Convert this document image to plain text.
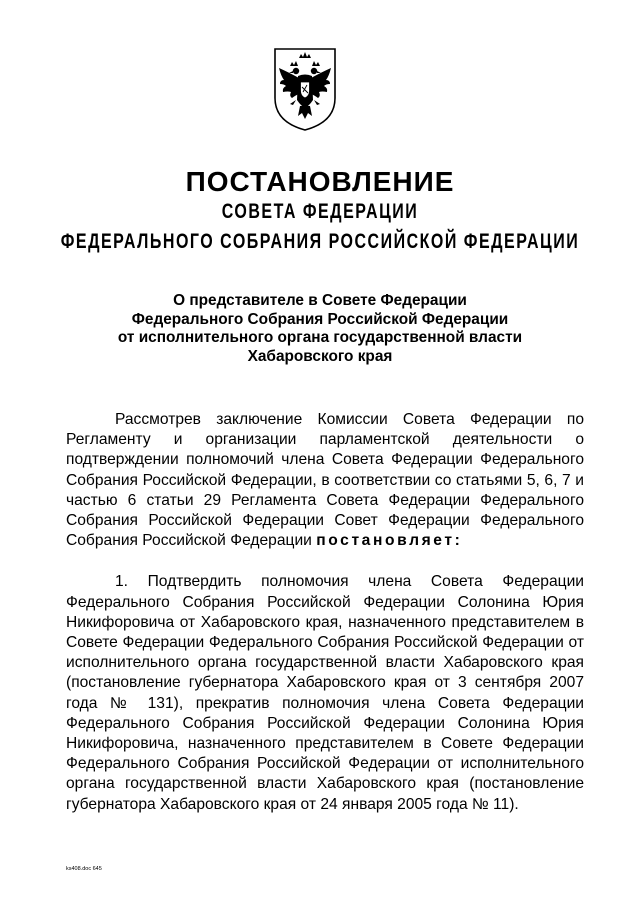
ПОСТАНОВЛЕНИЕ
СОВЕТА ФЕДЕРАЦИИ
ФЕДЕРАЛЬНОГО СОБРАНИЯ РОССИЙСКОЙ ФЕДЕРАЦИИ
О представителе в Совете Федерации
Федерального Собрания Российской Федерации
от исполнительного органа государственной власти
Хабаровского края

Рассмотрев заключение Комиссии Совета Федерации по Регламенту и организации парламентской деятельности о подтверждении полномочий члена Совета Федерации Федерального Собрания Российской Федерации, в соответствии со статьями 5, 6, 7 и частью 6 статьи 29 Регламента Совета Федерации Федерального Собрания Российской Федерации Совет Федерации Федерального Собрания Российской Федерации постановляет:

1. Подтвердить полномочия члена Совета Федерации Федерального Собрания Российской Федерации Солонина Юрия Никифоровича от Хабаровского края, назначенного представителем в Совете Федерации Федерального Собрания Российской Федерации от исполнительного органа государственной власти Хабаровского края (постановление губернатора Хабаровского края от 3 сентября 2007 года № 131), прекратив полномочия члена Совета Федерации Федерального Собрания Российской Федерации Солонина Юрия Никифоровича, назначенного представителем в Совете Федерации Федерального Собрания Российской Федерации от исполнительного органа государственной власти Хабаровского края (постановление губернатора Хабаровского края от 24 января 2005 года № 11).

ks408.doc 645
